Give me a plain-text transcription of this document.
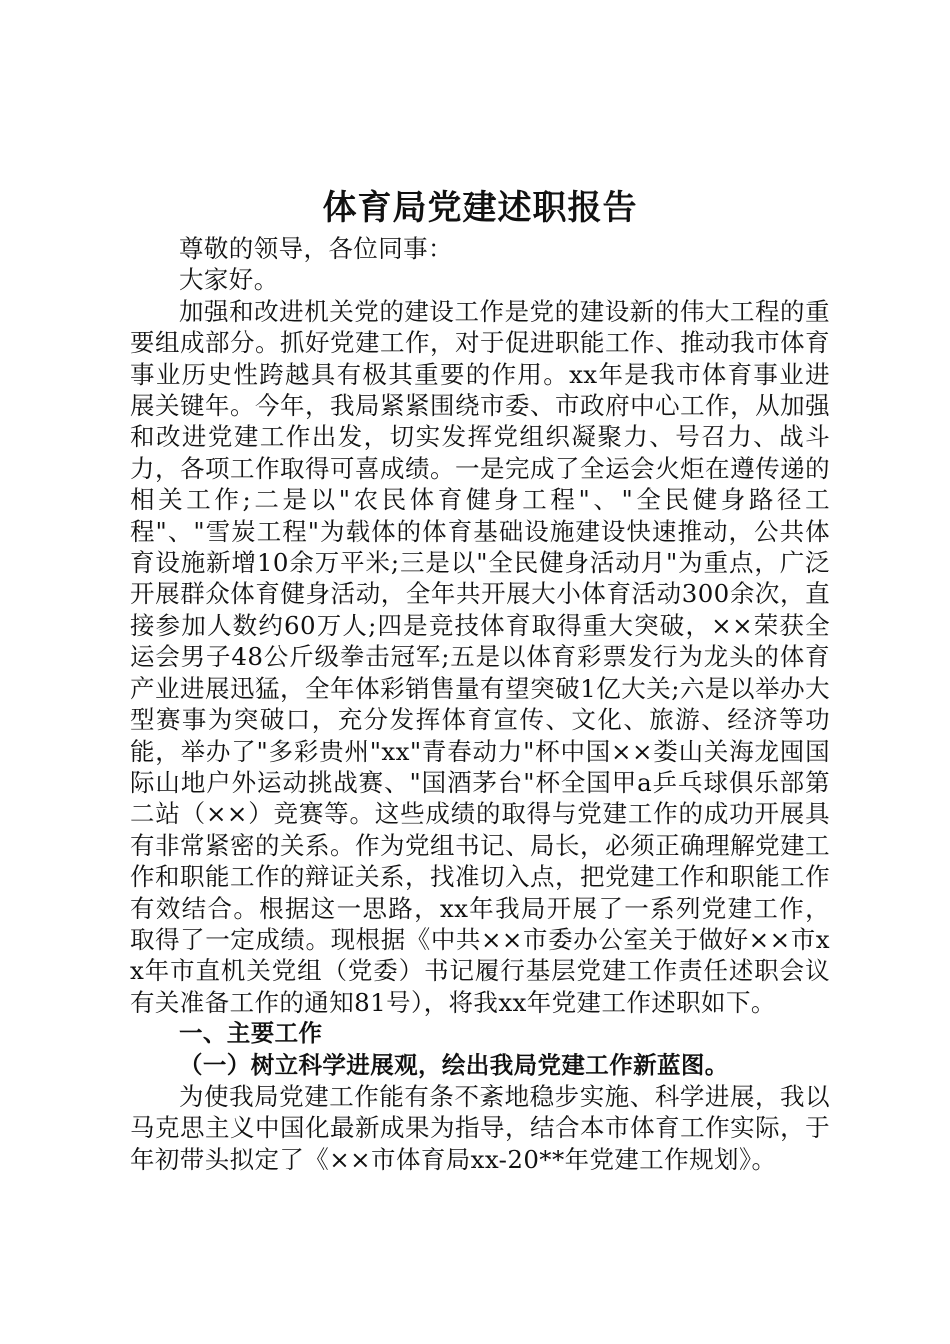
体育局党建述职报告

尊敬的领导，各位同事：

大家好。

加强和改进机关党的建设工作是党的建设新的伟大工程的重要组成部分。抓好党建工作，对于促进职能工作、推动我市体育事业历史性跨越具有极其重要的作用。xx年是我市体育事业进展关键年。今年，我局紧紧围绕市委、市政府中心工作，从加强和改进党建工作出发，切实发挥党组织凝聚力、号召力、战斗力，各项工作取得可喜成绩。一是完成了全运会火炬在遵传递的相关工作;二是以"农民体育健身工程"、"全民健身路径工程"、"雪炭工程"为载体的体育基础设施建设快速推动，公共体育设施新增10余万平米;三是以"全民健身活动月"为重点，广泛开展群众体育健身活动，全年共开展大小体育活动300余次，直接参加人数约60万人;四是竞技体育取得重大突破，××荣获全运会男子48公斤级拳击冠军;五是以体育彩票发行为龙头的体育产业进展迅猛，全年体彩销售量有望突破1亿大关;六是以举办大型赛事为突破口，充分发挥体育宣传、文化、旅游、经济等功能，举办了"多彩贵州"xx"青春动力"杯中国××娄山关海龙囤国际山地户外运动挑战赛、"国酒茅台"杯全国甲a乒乓球俱乐部第二站（××）竞赛等。这些成绩的取得与党建工作的成功开展具有非常紧密的关系。作为党组书记、局长，必须正确理解党建工作和职能工作的辩证关系，找准切入点，把党建工作和职能工作有效结合。根据这一思路，xx年我局开展了一系列党建工作，取得了一定成绩。现根据《中共××市委办公室关于做好××市xx年市直机关党组（党委）书记履行基层党建工作责任述职会议有关准备工作的通知81号），将我xx年党建工作述职如下。

一、主要工作

（一）树立科学进展观，绘出我局党建工作新蓝图。

为使我局党建工作能有条不紊地稳步实施、科学进展，我以马克思主义中国化最新成果为指导，结合本市体育工作实际，于年初带头拟定了《××市体育局xx-20**年党建工作规划》。
